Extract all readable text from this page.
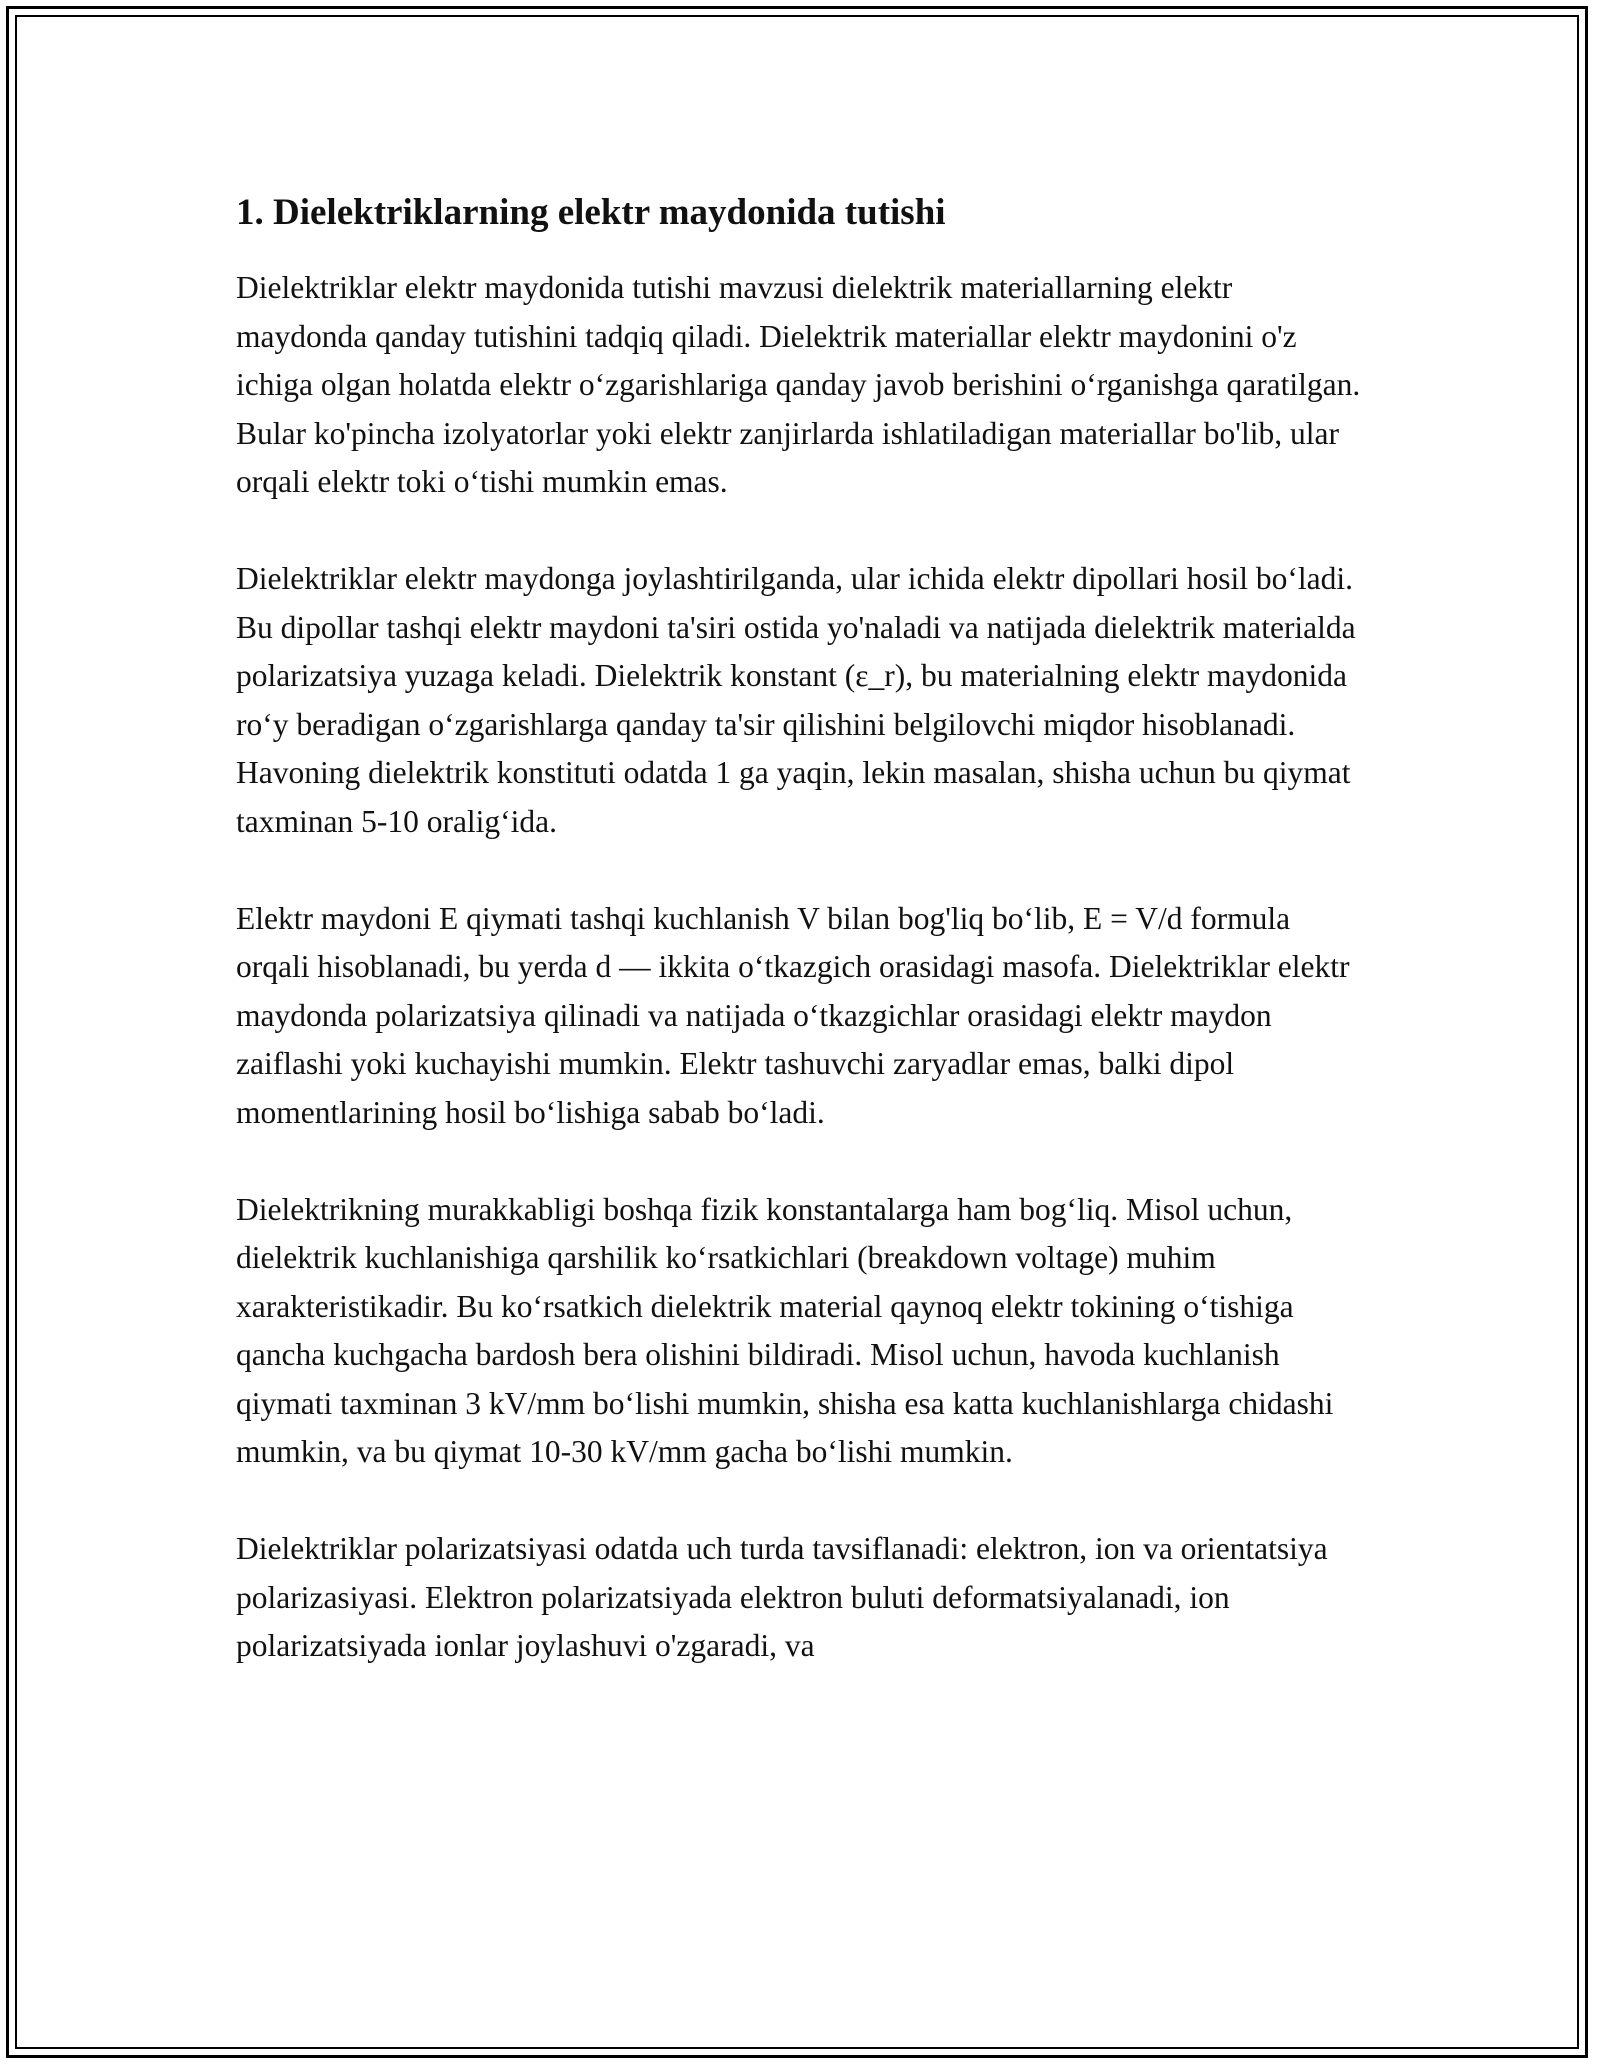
1. Dielektriklarning elektr maydonida tutishi

Dielektriklar elektr maydonida tutishi mavzusi dielektrik materiallarning elektr maydonda qanday tutishini tadqiq qiladi. Dielektrik materiallar elektr maydonini o'z ichiga olgan holatda elektr o‘zgarishlariga qanday javob berishini o‘rganishga qaratilgan. Bular ko'pincha izolyatorlar yoki elektr zanjirlarda ishlatiladigan materiallar bo'lib, ular orqali elektr toki o‘tishi mumkin emas.

Dielektriklar elektr maydonga joylashtirilganda, ular ichida elektr dipollari hosil bo‘ladi. Bu dipollar tashqi elektr maydoni ta'siri ostida yo'naladi va natijada dielektrik materialda polarizatsiya yuzaga keladi. Dielektrik konstant (ε_r), bu materialning elektr maydonida ro‘y beradigan o‘zgarishlarga qanday ta'sir qilishini belgilovchi miqdor hisoblanadi. Havoning dielektrik konstituti odatda 1 ga yaqin, lekin masalan, shisha uchun bu qiymat taxminan 5-10 oralig‘ida.

Elektr maydoni E qiymati tashqi kuchlanish V bilan bog'liq bo‘lib, E = V/d formula orqali hisoblanadi, bu yerda d — ikkita o‘tkazgich orasidagi masofa. Dielektriklar elektr maydonda polarizatsiya qilinadi va natijada o‘tkazgichlar orasidagi elektr maydon zaiflashi yoki kuchayishi mumkin. Elektr tashuvchi zaryadlar emas, balki dipol momentlarining hosil bo‘lishiga sabab bo‘ladi.

Dielektrikning murakkabligi boshqa fizik konstantalarga ham bog‘liq. Misol uchun, dielektrik kuchlanishiga qarshilik ko‘rsatkichlari (breakdown voltage) muhim xarakteristikadir. Bu ko‘rsatkich dielektrik material qaynoq elektr tokining o‘tishiga qancha kuchgacha bardosh bera olishini bildiradi. Misol uchun, havoda kuchlanish qiymati taxminan 3 kV/mm bo‘lishi mumkin, shisha esa katta kuchlanishlarga chidashi mumkin, va bu qiymat 10-30 kV/mm gacha bo‘lishi mumkin.

Dielektriklar polarizatsiyasi odatda uch turda tavsiflanadi: elektron, ion va orientatsiya polarizasiyasi. Elektron polarizatsiyada elektron buluti deformatsiyalanadi, ion polarizatsiyada ionlar joylashuvi o'zgaradi, va
